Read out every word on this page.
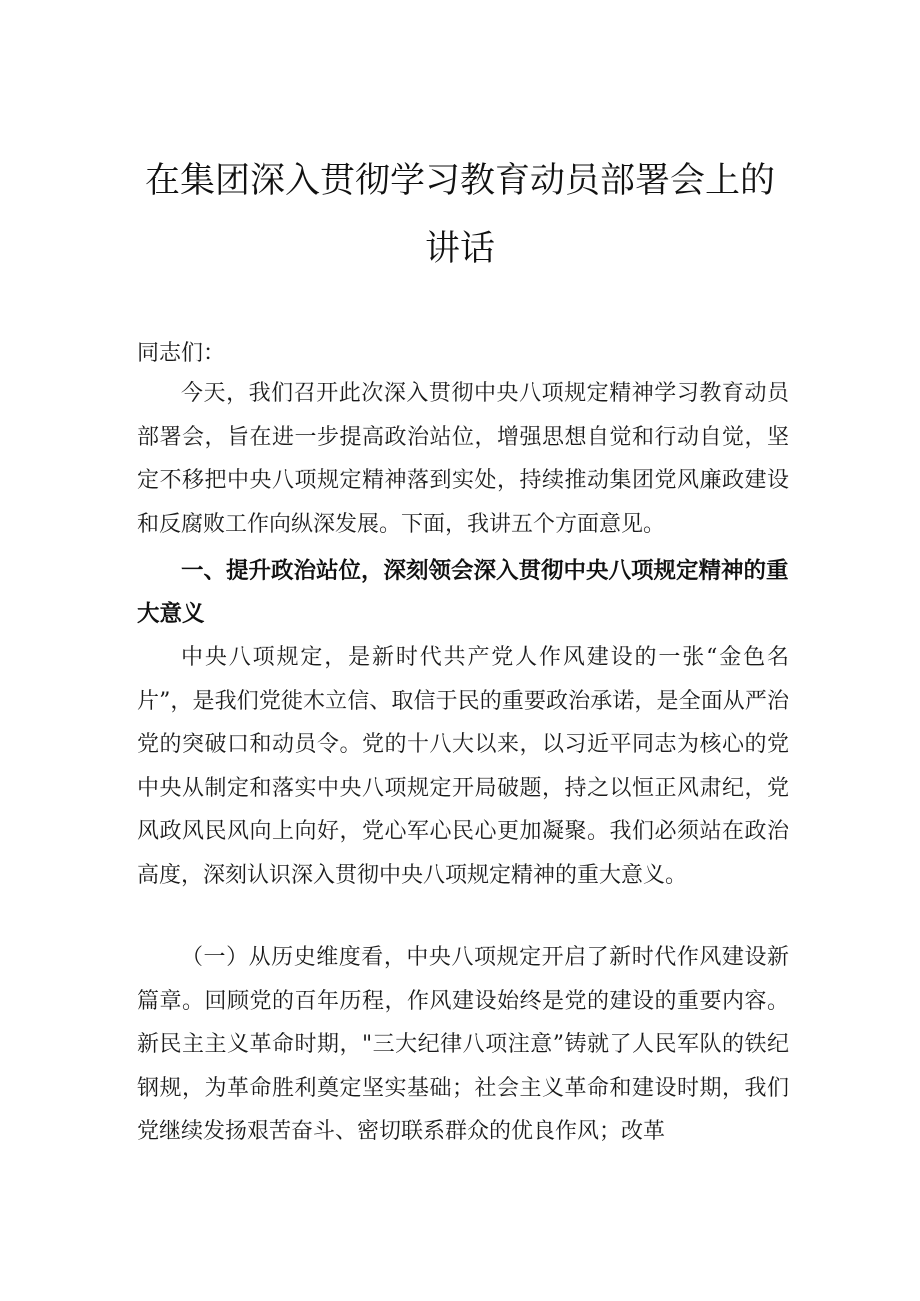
在集团深入贯彻学习教育动员部署会上的
讲话
同志们：

今天，我们召开此次深入贯彻中央八项规定精神学习教育动员部署会，旨在进一步提高政治站位，增强思想自觉和行动自觉，坚定不移把中央八项规定精神落到实处，持续推动集团党风廉政建设和反腐败工作向纵深发展。下面，我讲五个方面意见。

一、提升政治站位，深刻领会深入贯彻中央八项规定精神的重大意义

中央八项规定，是新时代共产党人作风建设的一张“金色名片”，是我们党徙木立信、取信于民的重要政治承诺，是全面从严治党的突破口和动员令。党的十八大以来，以习近平同志为核心的党中央从制定和落实中央八项规定开局破题，持之以恒正风肃纪，党风政风民风向上向好，党心军心民心更加凝聚。我们必须站在政治高度，深刻认识深入贯彻中央八项规定精神的重大意义。

（一）从历史维度看，中央八项规定开启了新时代作风建设新篇章。回顾党的百年历程，作风建设始终是党的建设的重要内容。新民主主义革命时期，"三大纪律八项注意”铸就了人民军队的铁纪钢规，为革命胜利奠定坚实基础；社会主义革命和建设时期，我们党继续发扬艰苦奋斗、密切联系群众的优良作风；改革
